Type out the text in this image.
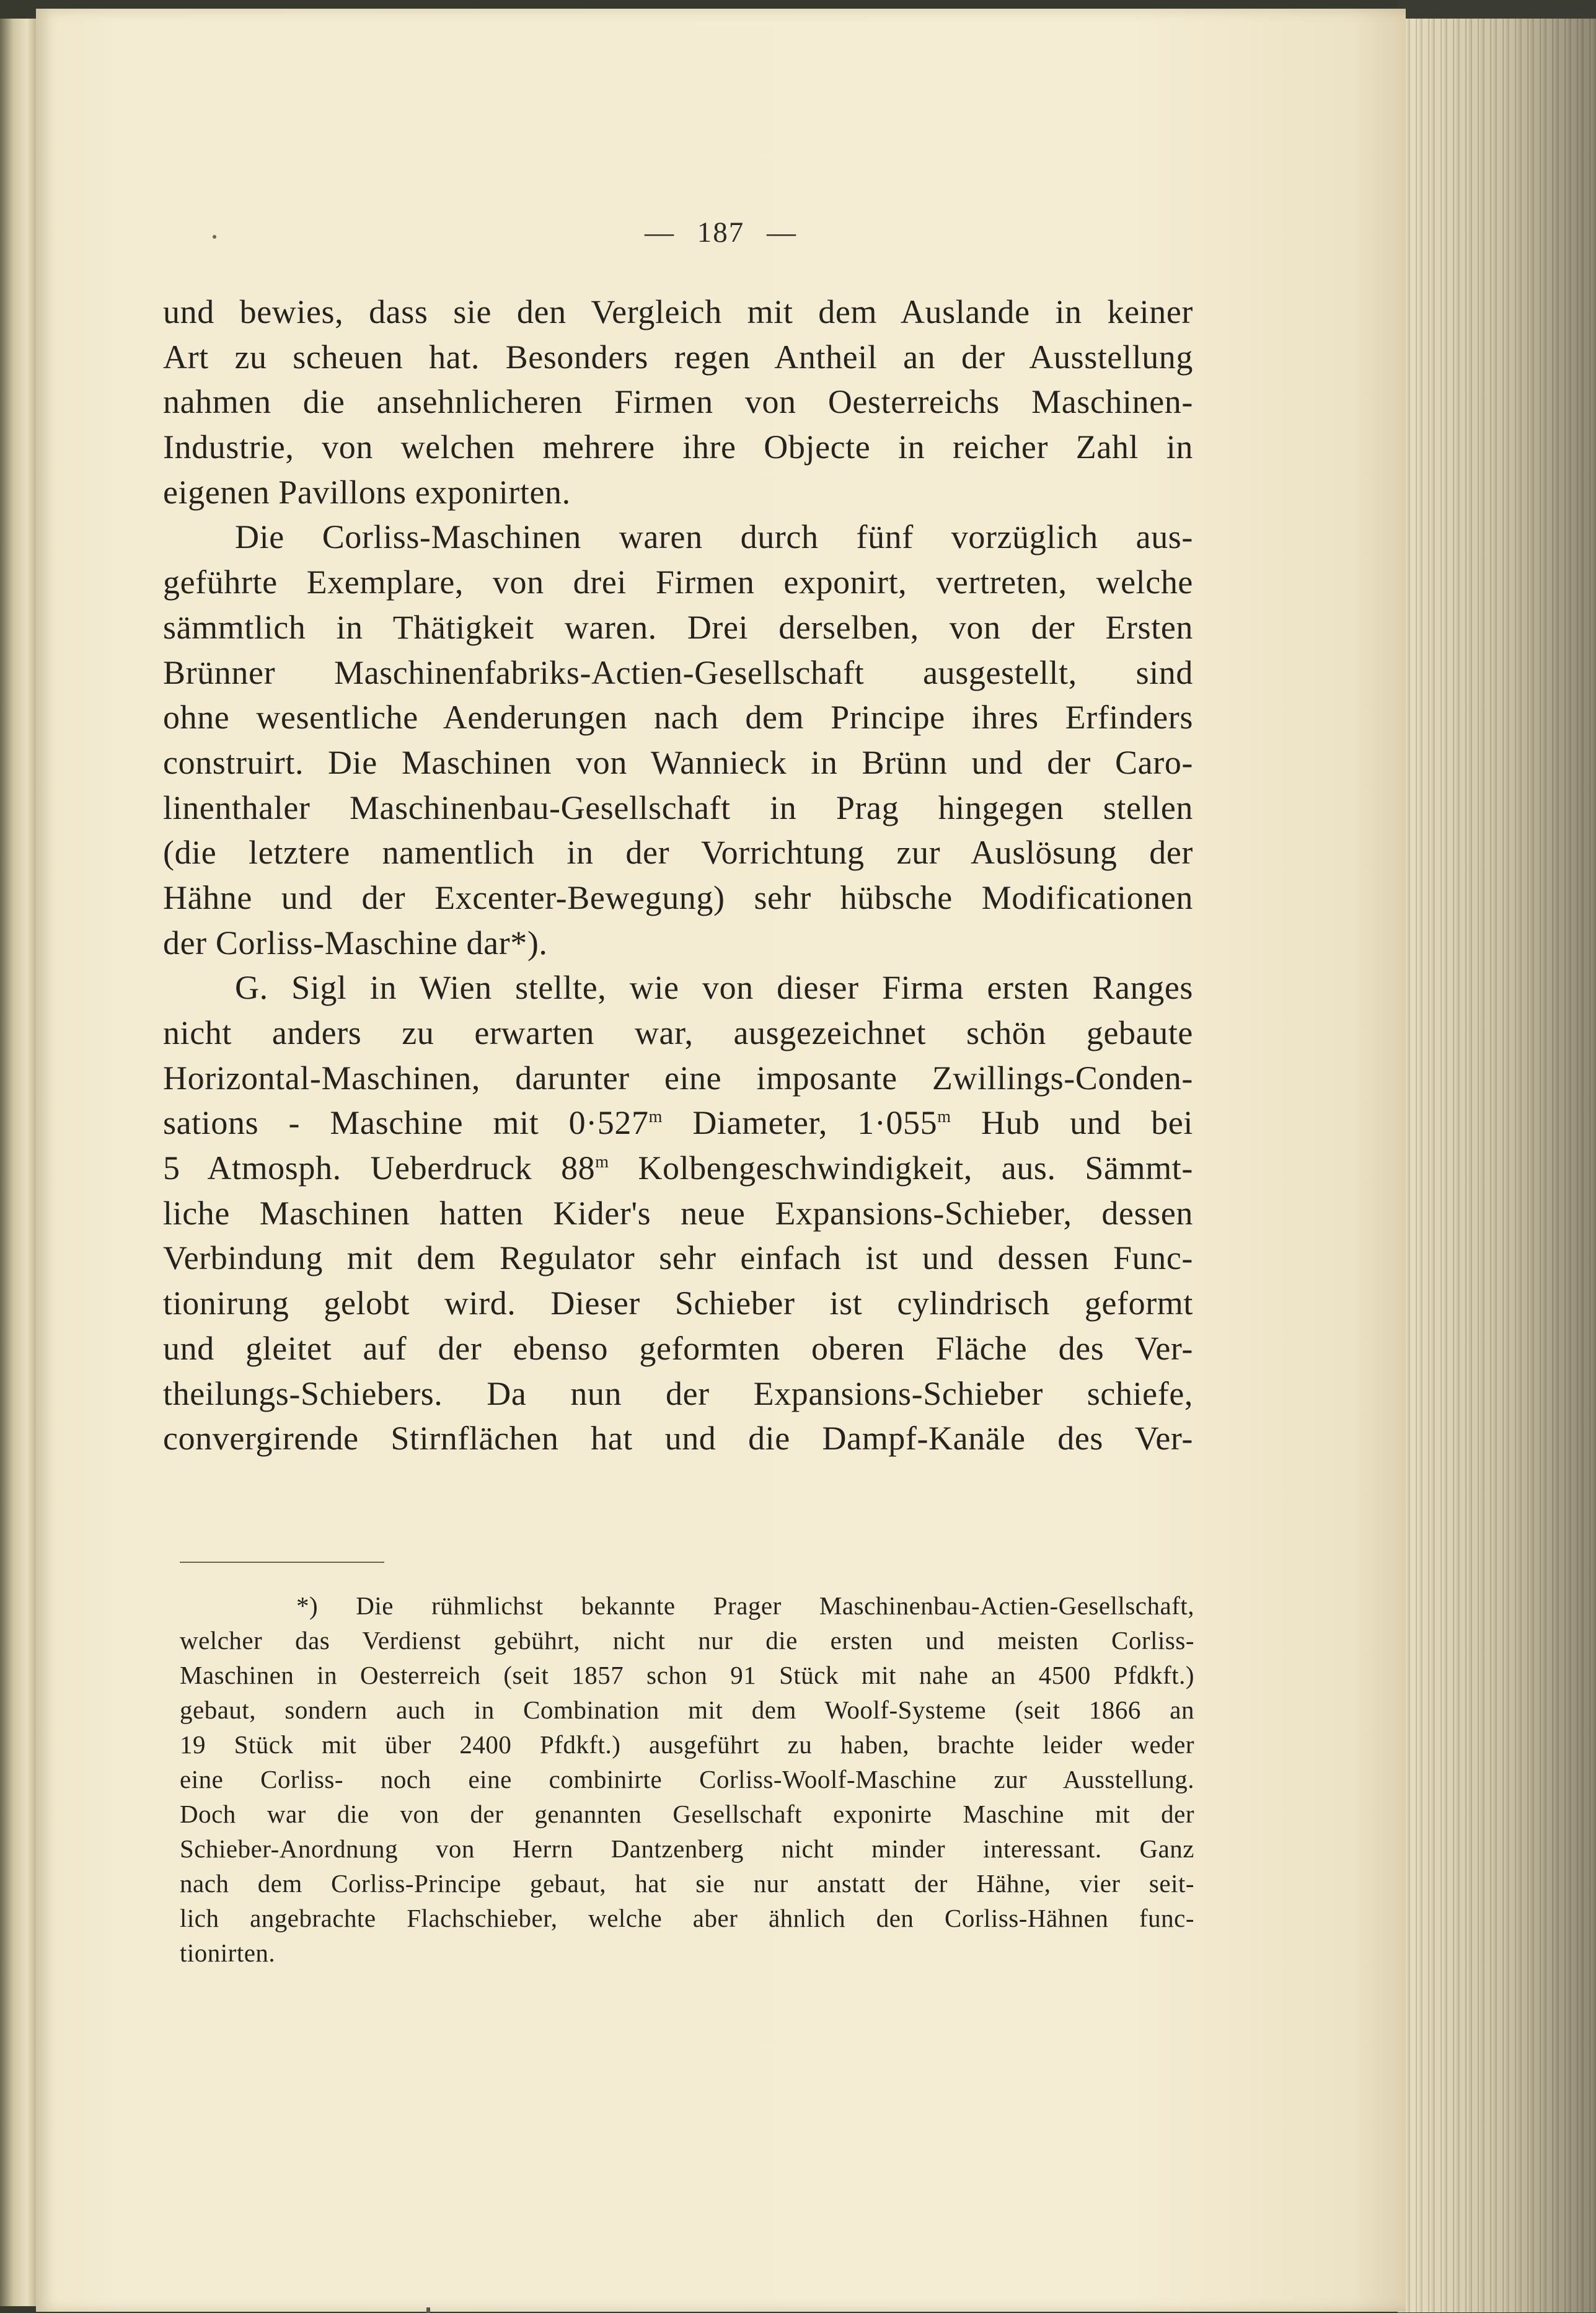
— 187 —
und bewies, dass sie den Vergleich mit dem Auslande in keiner
Art zu scheuen hat. Besonders regen Antheil an der Ausstellung
nahmen die ansehnlicheren Firmen von Oesterreichs Maschinen-
Industrie, von welchen mehrere ihre Objecte in reicher Zahl in
eigenen Pavillons exponirten.
Die Corliss-Maschinen waren durch fünf vorzüglich aus-
geführte Exemplare, von drei Firmen exponirt, vertreten, welche
sämmtlich in Thätigkeit waren. Drei derselben, von der Ersten
Brünner Maschinenfabriks-Actien-Gesellschaft ausgestellt, sind
ohne wesentliche Aenderungen nach dem Principe ihres Erfinders
construirt. Die Maschinen von Wannieck in Brünn und der Caro-
linenthaler Maschinenbau-Gesellschaft in Prag hingegen stellen
(die letztere namentlich in der Vorrichtung zur Auslösung der
Hähne und der Excenter-Bewegung) sehr hübsche Modificationen
der Corliss-Maschine dar*).
G. Sigl in Wien stellte, wie von dieser Firma ersten Ranges
nicht anders zu erwarten war, ausgezeichnet schön gebaute
Horizontal-Maschinen, darunter eine imposante Zwillings-Conden-
sations - Maschine mit $0\cdot 527^m$ Diameter, $1\cdot 055^m$ Hub und bei
5 Atmosph. Ueberdruck 88$^m$ Kolbengeschwindigkeit, aus. Sämmt-
liche Maschinen hatten Kider's neue Expansions-Schieber, dessen
Verbindung mit dem Regulator sehr einfach ist und dessen Func-
tionirung gelobt wird. Dieser Schieber ist cylindrisch geformt
und gleitet auf der ebenso geformten oberen Fläche des Ver-
theilungs-Schiebers. Da nun der Expansions-Schieber schiefe,
convergirende Stirnflächen hat und die Dampf-Kanäle des Ver-
*) Die rühmlichst bekannte Prager Maschinenbau-Actien-Gesellschaft,
welcher das Verdienst gebührt, nicht nur die ersten und meisten Corliss-
Maschinen in Oesterreich (seit 1857 schon 91 Stück mit nahe an 4500 Pfdkft.)
gebaut, sondern auch in Combination mit dem Woolf-Systeme (seit 1866 an
19 Stück mit über 2400 Pfdkft.) ausgeführt zu haben, brachte leider weder
eine Corliss- noch eine combinirte Corliss-Woolf-Maschine zur Ausstellung.
Doch war die von der genannten Gesellschaft exponirte Maschine mit der
Schieber-Anordnung von Herrn Dantzenberg nicht minder interessant. Ganz
nach dem Corliss-Principe gebaut, hat sie nur anstatt der Hähne, vier seit-
lich angebrachte Flachschieber, welche aber ähnlich den Corliss-Hähnen func-
tionirten.
